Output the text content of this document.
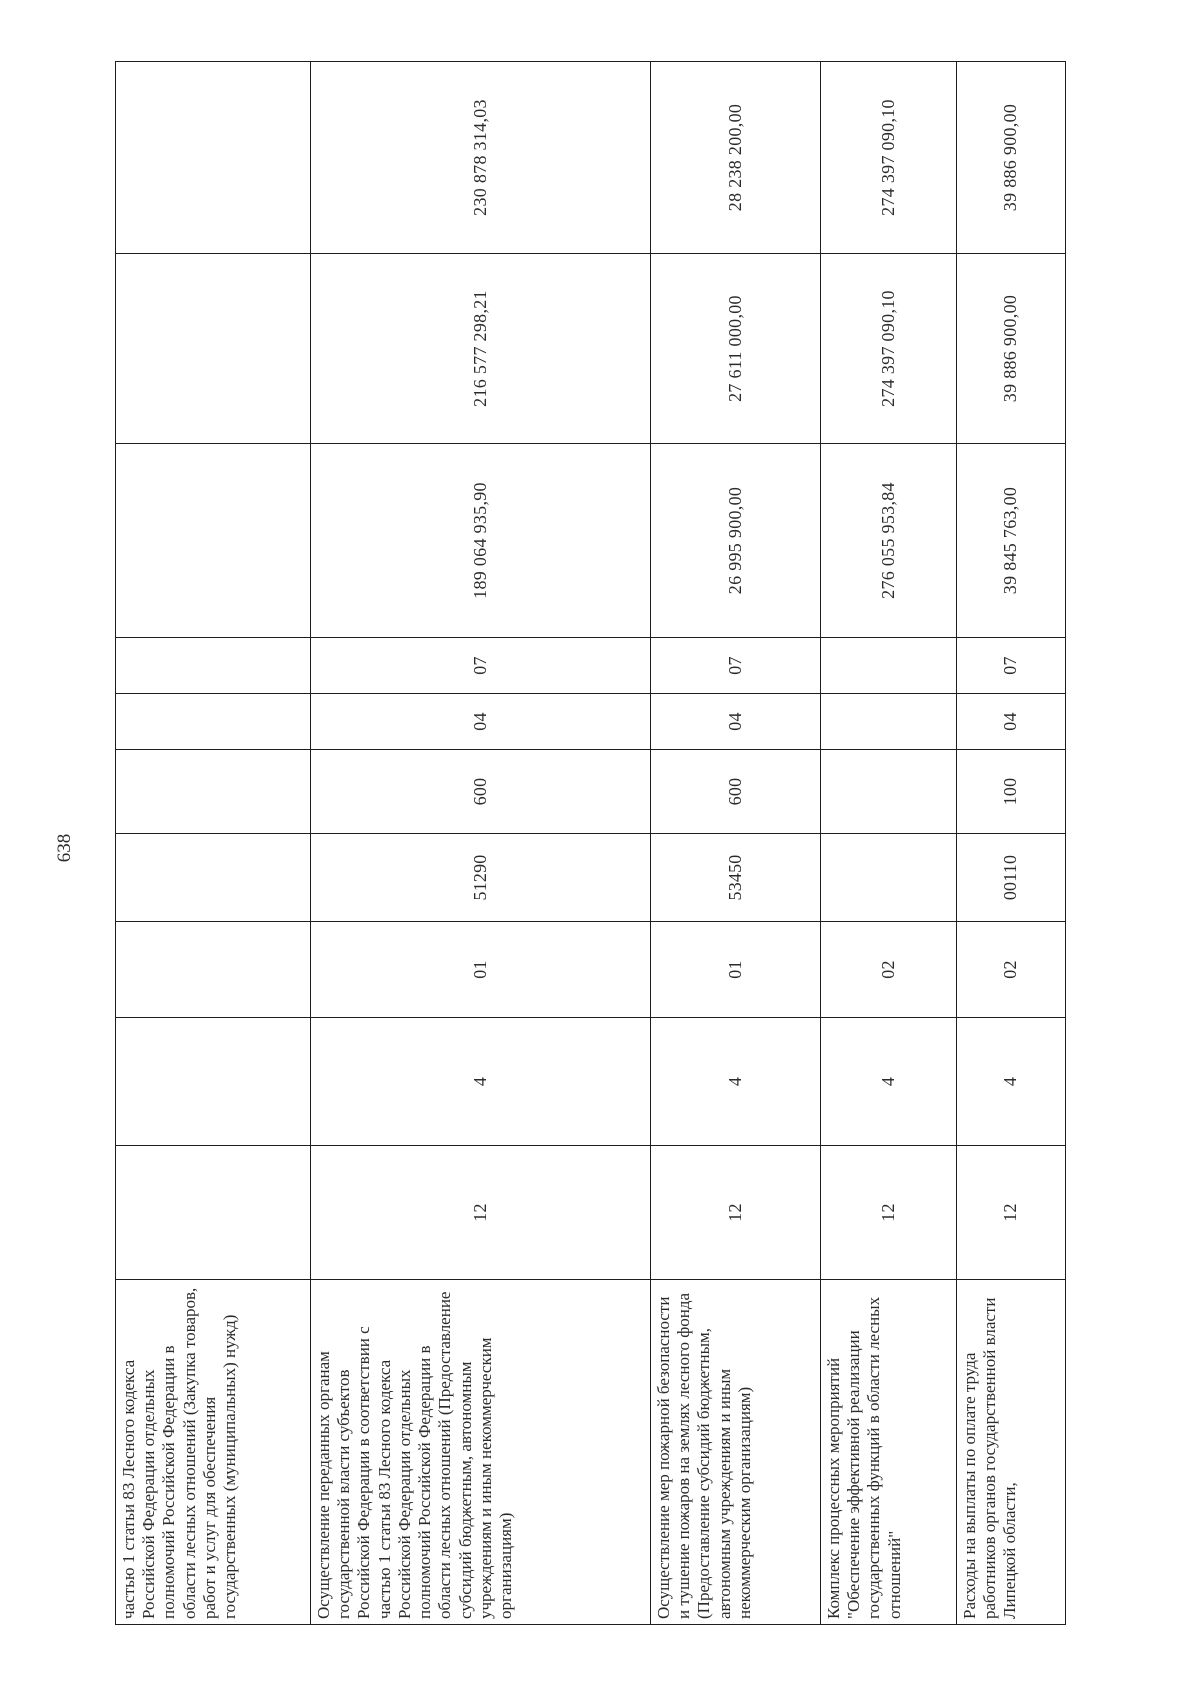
638
частью 1 статьи 83 Лесного кодекса Российской Федерации отдельных полномочий Российской Федерации в области лесных отношений (Закупка товаров, работ и услуг для обеспечения государственных (муниципальных) нужд)										
Осуществление переданных органам государственной власти субъектов Российской Федерации в соответствии с частью 1 статьи 83 Лесного кодекса Российской Федерации отдельных полномочий Российской Федерации в области лесных отношений (Предоставление субсидий бюджетным, автономным учреждениям и иным некоммерческим организациям)	12	4	01	51290	600	04	07	189 064 935,90	216 577 298,21	230 878 314,03
Осуществление мер пожарной безопасности и тушение пожаров на землях лесного фонда (Предоставление субсидий бюджетным, автономным учреждениям и иным некоммерческим организациям)	12	4	01	53450	600	04	07	26 995 900,00	27 611 000,00	28 238 200,00
Комплекс процессных мероприятий "Обеспечение эффективной реализации государственных функций в области лесных отношений"	12	4	02					276 055 953,84	274 397 090,10	274 397 090,10
Расходы на выплаты по оплате труда работников органов государственной власти Липецкой области,	12	4	02	00110	100	04	07	39 845 763,00	39 886 900,00	39 886 900,00
